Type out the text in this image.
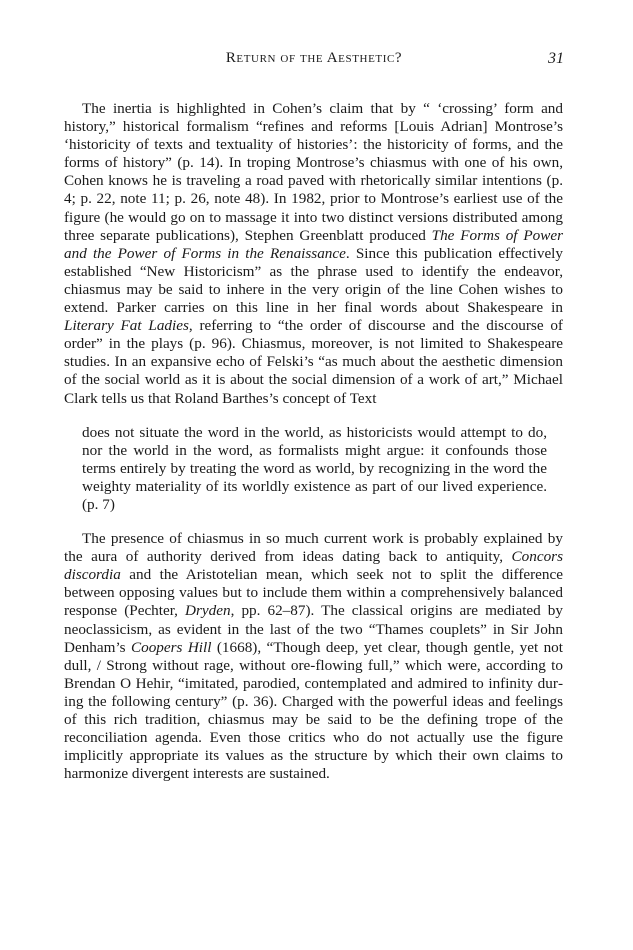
Return of the Aesthetic?	31

The inertia is highlighted in Cohen’s claim that by “ ‘crossing’ form and history,” historical formalism “refines and reforms [Louis Adrian] Montrose’s ‘historicity of texts and textuality of histories’: the historicity of forms, and the forms of history” (p. 14). In troping Montrose’s chiasmus with one of his own, Cohen knows he is traveling a road paved with rhetorically similar intentions (p. 4; p. 22, note 11; p. 26, note 48). In 1982, prior to Montrose’s earliest use of the figure (he would go on to massage it into two distinct versions distributed among three separate publications), Stephen Greenblatt produced The Forms of Power and the Power of Forms in the Renaissance. Since this publication effectively established “New Historicism” as the phrase used to identify the endeavor, chiasmus may be said to inhere in the very origin of the line Cohen wishes to extend. Parker carries on this line in her final words about Shakespeare in Literary Fat Ladies, referring to “the order of discourse and the discourse of order” in the plays (p. 96). Chiasmus, moreover, is not limited to Shakespeare studies. In an expansive echo of Felski’s “as much about the aesthetic dimension of the social world as it is about the social dimension of a work of art,” Michael Clark tells us that Roland Barthes’s concept of Text

does not situate the word in the world, as historicists would attempt to do, nor the world in the word, as formalists might argue: it confounds those terms entirely by treating the word as world, by recognizing in the word the weighty materiality of its worldly existence as part of our lived experience. (p. 7)

The presence of chiasmus in so much current work is probably explained by the aura of authority derived from ideas dating back to antiquity, Concors discordia and the Aristotelian mean, which seek not to split the difference between opposing values but to include them within a comprehensively balanced response (Pechter, Dryden, pp. 62–87). The classical origins are mediated by neoclassicism, as evident in the last of the two “Thames couplets” in Sir John Denham’s Coopers Hill (1668), “Though deep, yet clear, though gentle, yet not dull, / Strong without rage, without ore-flowing full,” which were, according to Brendan O Hehir, “imitated, parodied, contemplated and admired to infinity during the following century” (p. 36). Charged with the powerful ideas and feelings of this rich tradition, chiasmus may be said to be the defining trope of the reconciliation agenda. Even those critics who do not actually use the figure implicitly appropriate its values as the structure by which their own claims to harmonize divergent interests are sustained.
